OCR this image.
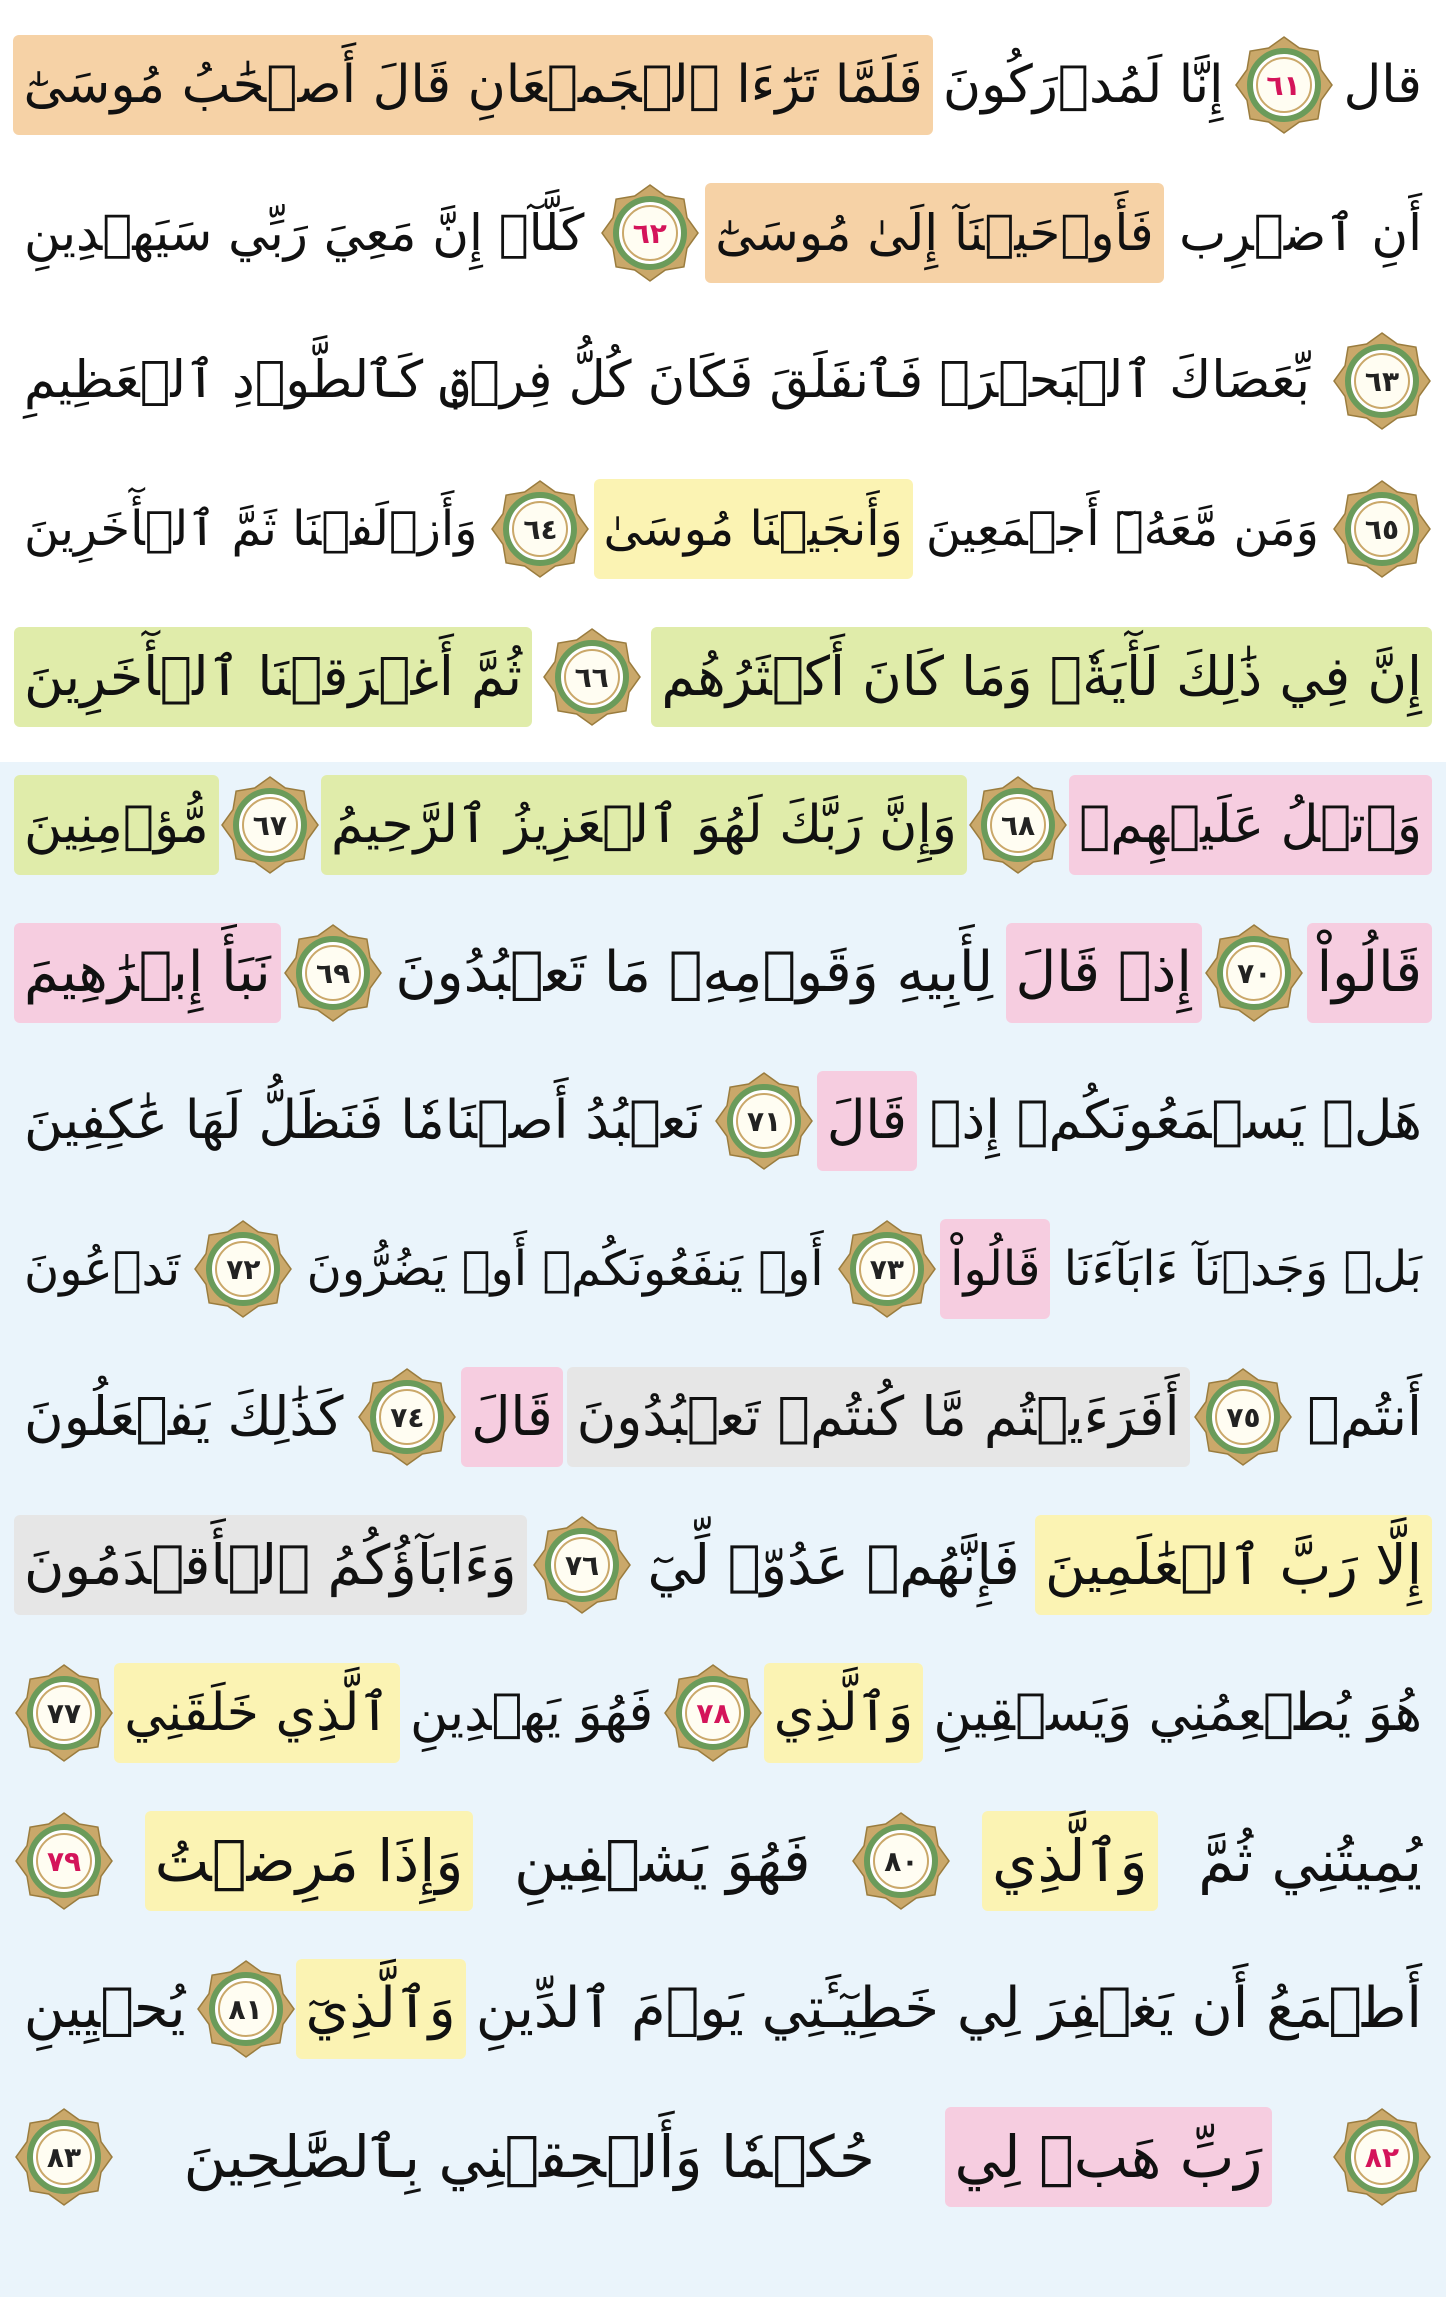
قال
٦١
إِنَّا لَمُدۡرَكُونَ
فَلَمَّا تَرَٰٓءَا ٱلۡجَمۡعَانِ قَالَ أَصۡحَٰبُ مُوسَىٰٓ
أَنِ ٱضۡرِب
فَأَوۡحَيۡنَآ إِلَىٰ مُوسَىٰٓ
٦٢
كَلَّآۖ إِنَّ مَعِيَ رَبِّي سَيَهۡدِينِ
٦٣
بِّعَصَاكَ ٱلۡبَحۡرَۖ فَٱنفَلَقَ فَكَانَ كُلُّ فِرۡقٖ كَٱلطَّوۡدِ ٱلۡعَظِيمِ
٦٥
وَمَن مَّعَهُۥٓ أَجۡمَعِينَ
وَأَنجَيۡنَا مُوسَىٰ
٦٤
وَأَزۡلَفۡنَا ثَمَّ ٱلۡأٓخَرِينَ
إِنَّ فِي ذَٰلِكَ لَأٓيَةٗۖ وَمَا كَانَ أَكۡثَرُهُم
٦٦
ثُمَّ أَغۡرَقۡنَا ٱلۡأٓخَرِينَ
وَٱتۡلُ عَلَيۡهِمۡ
٦٨
وَإِنَّ رَبَّكَ لَهُوَ ٱلۡعَزِيزُ ٱلرَّحِيمُ
٦٧
مُّؤۡمِنِينَ
قَالُواْ
٧٠
إِذۡ قَالَ
لِأَبِيهِ وَقَوۡمِهِۦ مَا تَعۡبُدُونَ
٦٩
نَبَأَ إِبۡرَٰهِيمَ
هَلۡ يَسۡمَعُونَكُمۡ إِذۡ
قَالَ
٧١
نَعۡبُدُ أَصۡنَامٗا فَنَظَلُّ لَهَا عَٰكِفِينَ
بَلۡ وَجَدۡنَآ ءَابَآءَنَا
قَالُواْ
٧٣
أَوۡ يَنفَعُونَكُمۡ أَوۡ يَضُرُّونَ
٧٢
تَدۡعُونَ
أَنتُمۡ
٧٥
أَفَرَءَيۡتُم مَّا كُنتُمۡ تَعۡبُدُونَ
قَالَ
٧٤
كَذَٰلِكَ يَفۡعَلُونَ
إِلَّا رَبَّ ٱلۡعَٰلَمِينَ
فَإِنَّهُمۡ عَدُوّٞ لِّيٓ
٧٦
وَءَابَآؤُكُمُ ٱلۡأَقۡدَمُونَ
هُوَ يُطۡعِمُنِي وَيَسۡقِينِ
وَٱلَّذِي
٧٨
فَهُوَ يَهۡدِينِ
ٱلَّذِي خَلَقَنِي
٧٧
يُمِيتُنِي ثُمَّ
وَٱلَّذِي
٨٠
فَهُوَ يَشۡفِينِ
وَإِذَا مَرِضۡتُ
٧٩
أَطۡمَعُ أَن يَغۡفِرَ لِي خَطِيٓـَٔتِي يَوۡمَ ٱلدِّينِ
وَٱلَّذِيٓ
٨١
يُحۡيِينِ
٨٢
رَبِّ هَبۡ لِي
حُكۡمٗا وَأَلۡحِقۡنِي بِٱلصَّٰلِحِينَ
٨٣
